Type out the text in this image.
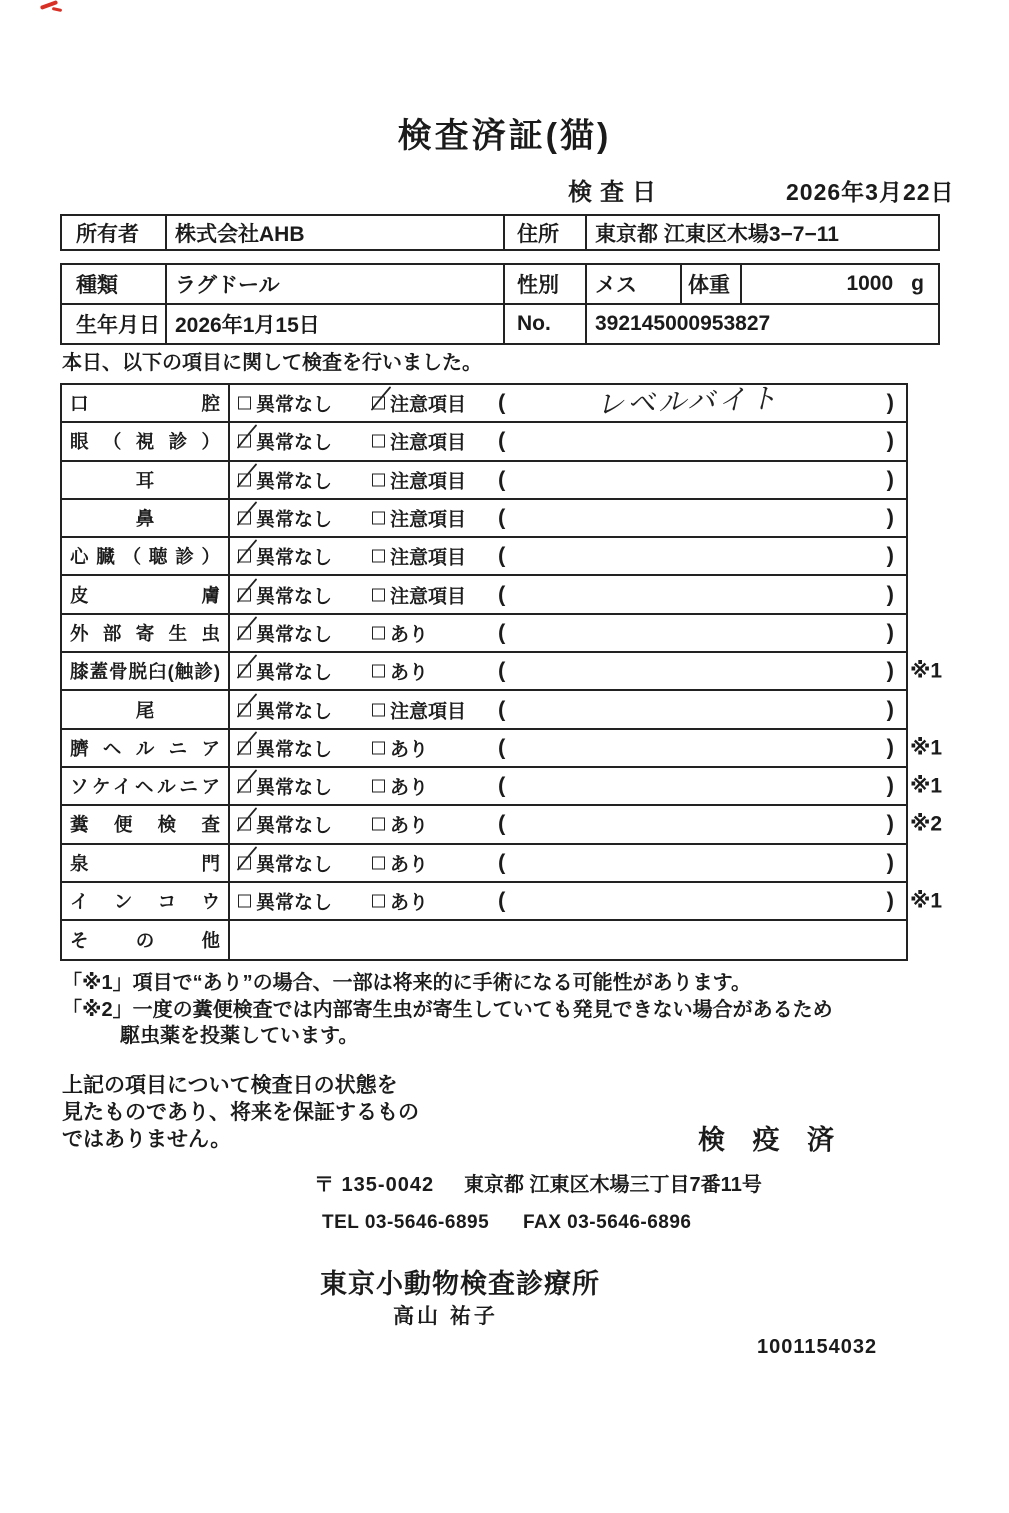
検査済証(猫)
検査日	2026年3月22日
所有者	株式会社AHB	住所	東京都 江東区木場3−7−11
種類	ラグドール	性別	メス	体重	1000 g
生年月日 2026年1月15日	No.	392145000953827
本日、以下の項目に関して検査を行いました。
口腔 異常なし	注意項目 (	レベルバイト	)
眼（視診） 異常なし	注意項目 (	)
耳	異常なし	注意項目 (	)
鼻	異常なし	注意項目 (	)
心臓（聴診） 異常なし	注意項目 (	)
皮膚 異常なし	注意項目 (	)
外部寄生虫 異常なし	あり	(	)
膝蓋骨脱臼(触診) 異常なし	あり	(	) ※1
尾	異常なし	注意項目 (	)
臍ヘルニア 異常なし	あり	(	) ※1
ソケイヘルニア 異常なし	あり	(	) ※1
糞便検査 異常なし	あり	(	) ※2
泉門 異常なし	あり	(	)
インコウ 異常なし	あり	(	) ※1
その他
「※1」項目で“あり”の場合、一部は将来的に手術になる可能性があります。
「※2」一度の糞便検査では内部寄生虫が寄生していても発見できない場合があるため
駆虫薬を投薬しています。
上記の項目について検査日の状態を
見たものであり、将来を保証するもの
ではありません。	検 疫 済
〒 135-0042 東京都 江東区木場三丁目7番11号
TEL 03-5646-6895 FAX 03-5646-6896
東京小動物検査診療所
高山 祐子
1001154032
